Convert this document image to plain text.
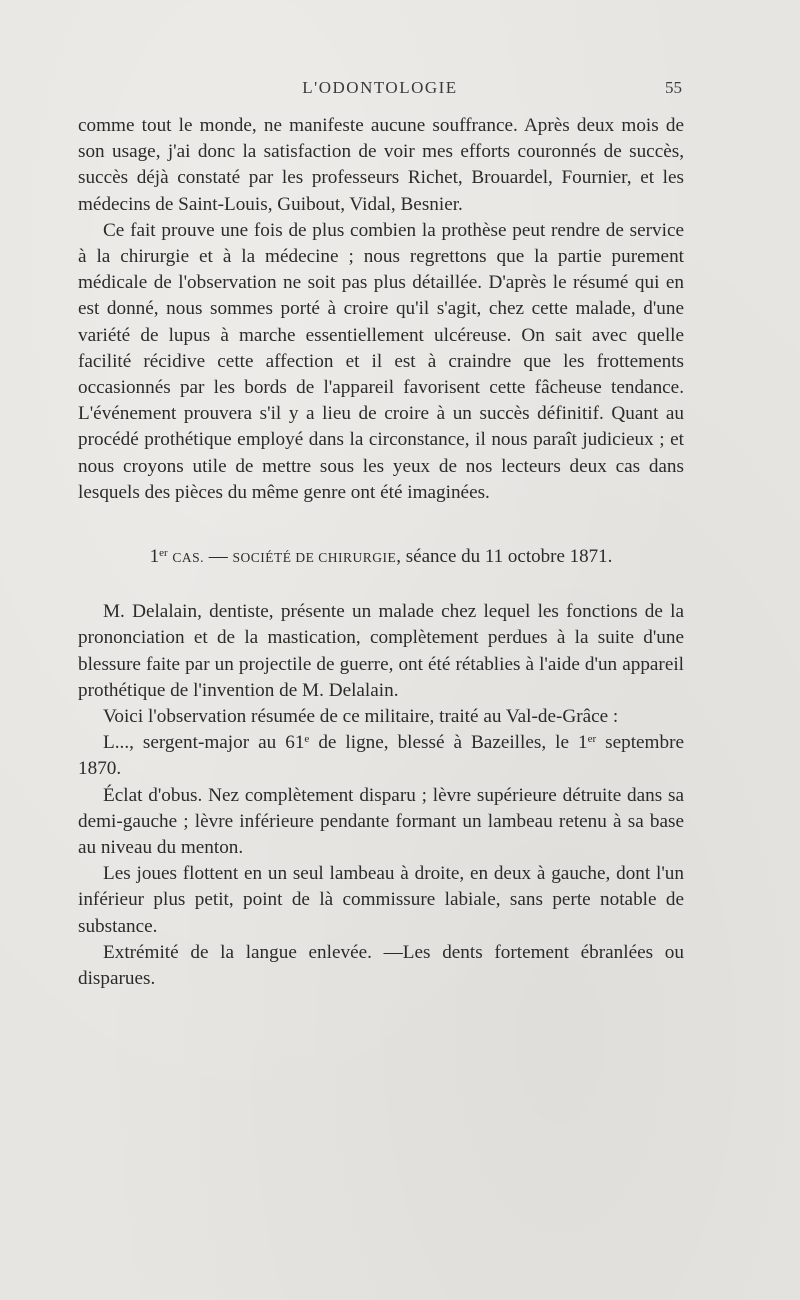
L'ODONTOLOGIE	55

comme tout le monde, ne manifeste aucune souffrance. Après deux mois de son usage, j'ai donc la satisfaction de voir mes efforts couronnés de succès, succès déjà constaté par les professeurs Richet, Brouardel, Fournier, et les médecins de Saint-Louis, Guibout, Vidal, Besnier.

Ce fait prouve une fois de plus combien la prothèse peut rendre de service à la chirurgie et à la médecine ; nous regrettons que la partie purement médicale de l'observation ne soit pas plus détaillée. D'après le résumé qui en est donné, nous sommes porté à croire qu'il s'agit, chez cette malade, d'une variété de lupus à marche essentiellement ulcéreuse. On sait avec quelle facilité récidive cette affection et il est à craindre que les frottements occasionnés par les bords de l'appareil favorisent cette fâcheuse tendance. L'événement prouvera s'il y a lieu de croire à un succès définitif. Quant au procédé prothétique employé dans la circonstance, il nous paraît judicieux ; et nous croyons utile de mettre sous les yeux de nos lecteurs deux cas dans lesquels des pièces du même genre ont été imaginées.

1er CAS. — SOCIÉTÉ DE CHIRURGIE, séance du 11 octobre 1871.

M. Delalain, dentiste, présente un malade chez lequel les fonctions de la prononciation et de la mastication, complètement perdues à la suite d'une blessure faite par un projectile de guerre, ont été rétablies à l'aide d'un appareil prothétique de l'invention de M. Delalain.

Voici l'observation résumée de ce militaire, traité au Val-de-Grâce :

L..., sergent-major au 61e de ligne, blessé à Bazeilles, le 1er septembre 1870.

Éclat d'obus. Nez complètement disparu ; lèvre supérieure détruite dans sa demi-gauche ; lèvre inférieure pendante formant un lambeau retenu à sa base au niveau du menton.

Les joues flottent en un seul lambeau à droite, en deux à gauche, dont l'un inférieur plus petit, point de là commissure labiale, sans perte notable de substance.

Extrémité de la langue enlevée. —Les dents fortement ébranlées ou disparues.
